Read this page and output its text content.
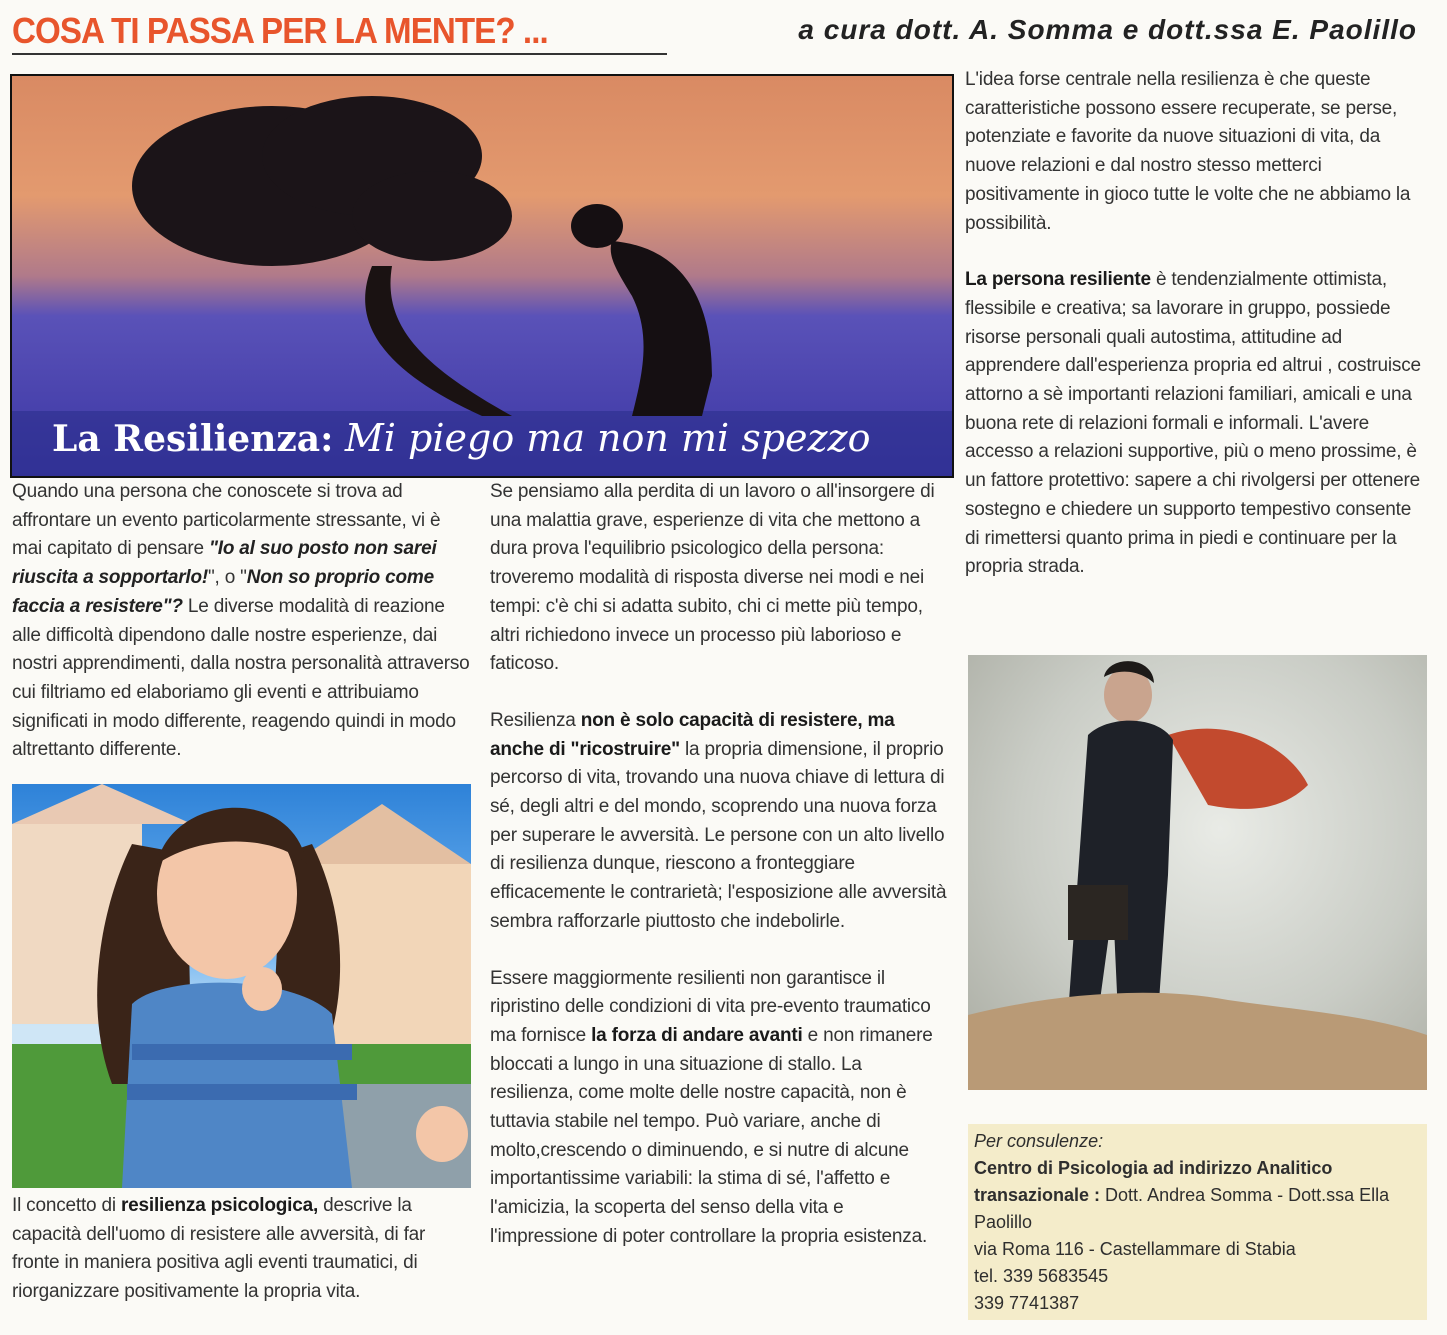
COSA TI PASSA PER LA MENTE? ...	a cura dott. A. Somma e dott.ssa E. Paolillo
La Resilienza: Mi piego ma non mi spezzo

Quando una persona che conoscete si trova ad affrontare un evento particolarmente stressante, vi è mai capitato di pensare "Io al suo posto non sarei riuscita a sopportarlo!", o "Non so proprio come faccia a resistere"? Le diverse modalità di reazione alle difficoltà dipendono dalle nostre esperienze, dai nostri apprendimenti, dalla nostra personalità attraverso cui filtriamo ed elaboriamo gli eventi e attribuiamo significati in modo differente, reagendo quindi in modo altrettanto differente.

Il concetto di resilienza psicologica, descrive la capacità dell'uomo di resistere alle avversità, di far fronte in maniera positiva agli eventi traumatici, di riorganizzare positivamente la propria vita.

Se pensiamo alla perdita di un lavoro o all'insorgere di una malattia grave, esperienze di vita che mettono a dura prova l'equilibrio psicologico della persona: troveremo modalità di risposta diverse nei modi e nei tempi: c'è chi si adatta subito, chi ci mette più tempo, altri richiedono invece un processo più laborioso e faticoso.

Resilienza non è solo capacità di resistere, ma anche di "ricostruire" la propria dimensione, il proprio percorso di vita, trovando una nuova chiave di lettura di sé, degli altri e del mondo, scoprendo una nuova forza per superare le avversità. Le persone con un alto livello di resilienza dunque, riescono a fronteggiare efficacemente le contrarietà; l'esposizione alle avversità sembra rafforzarle piuttosto che indebolirle.

Essere maggiormente resilienti non garantisce il ripristino delle condizioni di vita pre-evento traumatico ma fornisce la forza di andare avanti e non rimanere bloccati a lungo in una situazione di stallo. La resilienza, come molte delle nostre capacità, non è tuttavia stabile nel tempo. Può variare, anche di molto,crescendo o diminuendo, e si nutre di alcune importantissime variabili: la stima di sé, l'affetto e l'amicizia, la scoperta del senso della vita e l'impressione di poter controllare la propria esistenza.

L'idea forse centrale nella resilienza è che queste caratteristiche possono essere recuperate, se perse, potenziate e favorite da nuove situazioni di vita, da nuove relazioni e dal nostro stesso metterci positivamente in gioco tutte le volte che ne abbiamo la possibilità.

La persona resiliente è tendenzialmente ottimista, flessibile e creativa; sa lavorare in gruppo, possiede risorse personali quali autostima, attitudine ad apprendere dall'esperienza propria ed altrui , costruisce attorno a sè importanti relazioni familiari, amicali e una buona rete di relazioni formali e informali. L'avere accesso a relazioni supportive, più o meno prossime, è un fattore protettivo: sapere a chi rivolgersi per ottenere sostegno e chiedere un supporto tempestivo consente di rimettersi quanto prima in piedi e continuare per la propria strada.

Per consulenze:
Centro di Psicologia ad indirizzo Analitico transazionale : Dott. Andrea Somma - Dott.ssa Ella Paolillo
via Roma 116 - Castellammare di Stabia
tel. 339 5683545
339 7741387
